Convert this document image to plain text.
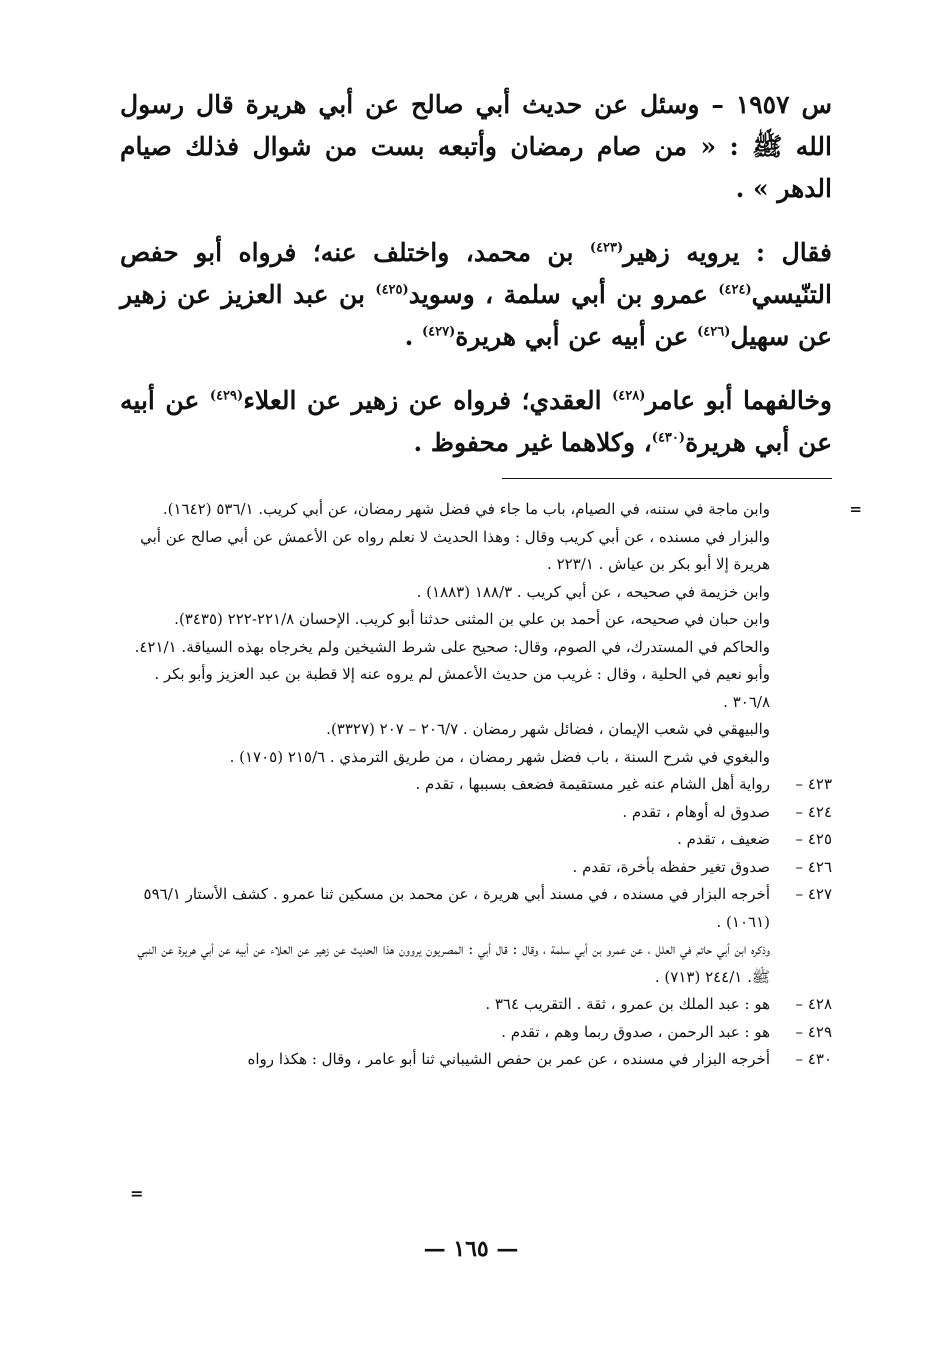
س ١٩٥٧ – وسئل عن حديث أبي صالح عن أبي هريرة قال رسول الله ﷺ : « من صام رمضان وأتبعه بست من شوال فذلك صيام الدهر » .

فقال : يرويه زهير$^{(٤٢٣)}$ بن محمد، واختلف عنه؛ فرواه أبو حفص التنّيسي$^{(٤٢٤)}$ عمرو بن أبي سلمة ، وسويد$^{(٤٢٥)}$ بن عبد العزيز عن زهير عن سهيل$^{(٤٢٦)}$ عن أبيه عن أبي هريرة$^{(٤٢٧)}$ .

وخالفهما أبو عامر$^{(٤٢٨)}$ العقدي؛ فرواه عن زهير عن العلاء$^{(٤٢٩)}$ عن أبيه عن أبي هريرة$^{(٤٣٠)}$، وكلاهما غير محفوظ .

=
وابن ماجة في سننه، في الصيام، باب ما جاء في فضل شهر رمضان، عن أبي كريب. ٥٣٦/١ (١٦٤٢).
والبزار في مسنده ، عن أبي كريب وقال : وهذا الحديث لا نعلم رواه عن الأعمش عن أبي صالح عن أبي هريرة إلا أبو بكر بن عياش . ٢٢٣/١ .
وابن خزيمة في صحيحه ، عن أبي كريب . ١٨٨/٣ (١٨٨٣) .
وابن حبان في صحيحه، عن أحمد بن علي بن المثنى حدثنا أبو كريب. الإحسان ٢٢١/٨-٢٢٢ (٣٤٣٥).
والحاكم في المستدرك، في الصوم، وقال: صحيح على شرط الشيخين ولم يخرجاه بهذه السياقة. ٤٢١/١.
وأبو نعيم في الحلية ، وقال : غريب من حديث الأعمش لم يروه عنه إلا قطبة بن عبد العزيز وأبو بكر . ٣٠٦/٨ .
والبيهقي في شعب الإيمان ، فضائل شهر رمضان . ٢٠٦/٧ – ٢٠٧ (٣٣٢٧).
والبغوي في شرح السنة ، باب فضل شهر رمضان ، من طريق الترمذي . ٢١٥/٦ (١٧٠٥) .
٤٢٣ –
رواية أهل الشام عنه غير مستقيمة فضعف بسببها ، تقدم .
٤٢٤ –
صدوق له أوهام ، تقدم .
٤٢٥ –
ضعيف ، تقدم .
٤٢٦ –
صدوق تغير حفظه بأخرة، تقدم .
٤٢٧ –
أخرجه البزار في مسنده ، في مسند أبي هريرة ، عن محمد بن مسكين ثنا عمرو . كشف الأستار ٥٩٦/١ (١٠٦١) .
وذكره ابن أبي حاتم في العلل ، عن عمرو بن أبي سلمة ، وقال : قال أبي : المصريون يروون هذا الحديث عن زهير عن العلاء عن أبيه عن أبي هريرة عن النبي ﷺ. ٢٤٤/١ (٧١٣) .
٤٢٨ –
هو : عبد الملك بن عمرو ، ثقة . التقريب ٣٦٤ .
٤٢٩ –
هو : عبد الرحمن ، صدوق ربما وهم ، تقدم .
٤٣٠ –
أخرجه البزار في مسنده ، عن عمر بن حفص الشيباني ثنا أبو عامر ، وقال : هكذا رواه
=
— ١٦٥ —
